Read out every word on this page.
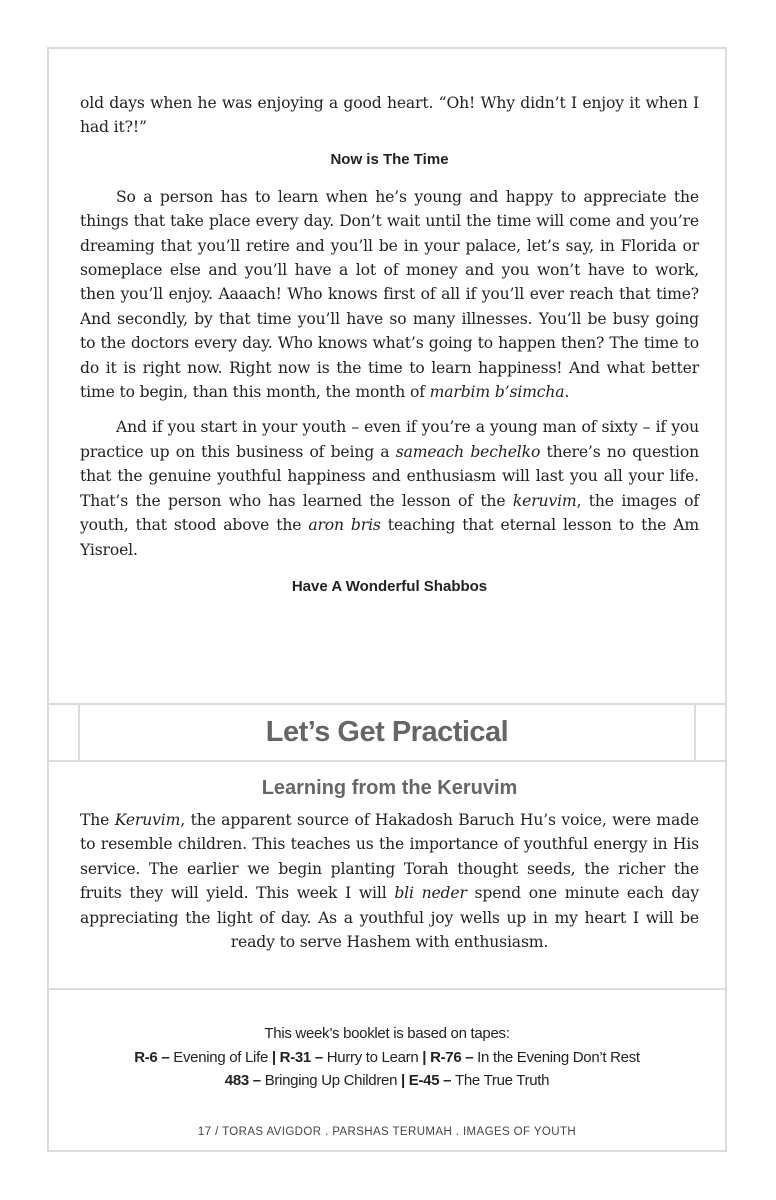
old days when he was enjoying a good heart. “Oh! Why didn’t I enjoy it when I had it?!”

Now is The Time

So a person has to learn when he’s young and happy to appreciate the things that take place every day. Don’t wait until the time will come and you’re dreaming that you’ll retire and you’ll be in your palace, let’s say, in Florida or someplace else and you’ll have a lot of money and you won’t have to work, then you’ll enjoy. Aaaach! Who knows first of all if you’ll ever reach that time? And secondly, by that time you’ll have so many illnesses. You’ll be busy going to the doctors every day. Who knows what’s going to happen then? The time to do it is right now. Right now is the time to learn happiness! And what better time to begin, than this month, the month of marbim b’simcha.

And if you start in your youth – even if you’re a young man of sixty – if you practice up on this business of being a sameach bechelko there’s no question that the genuine youthful happiness and enthusiasm will last you all your life. That’s the person who has learned the lesson of the keruvim, the images of youth, that stood above the aron bris teaching that eternal lesson to the Am Yisroel.

Have A Wonderful Shabbos
Let’s Get Practical
Learning from the Keruvim

The Keruvim, the apparent source of Hakadosh Baruch Hu’s voice, were made to resemble children. This teaches us the importance of youthful energy in His service. The earlier we begin planting Torah thought seeds, the richer the fruits they will yield. This week I will bli neder spend one minute each day appreciating the light of day. As a youthful joy wells up in my heart I will be ready to serve Hashem with enthusiasm.

This week’s booklet is based on tapes:
R-6 – Evening of Life | R-31 – Hurry to Learn | R-76 – In the Evening Don’t Rest
483 – Bringing Up Children | E-45 – The True Truth
17 / TORAS AVIGDOR . PARSHAS TERUMAH . IMAGES OF YOUTH
